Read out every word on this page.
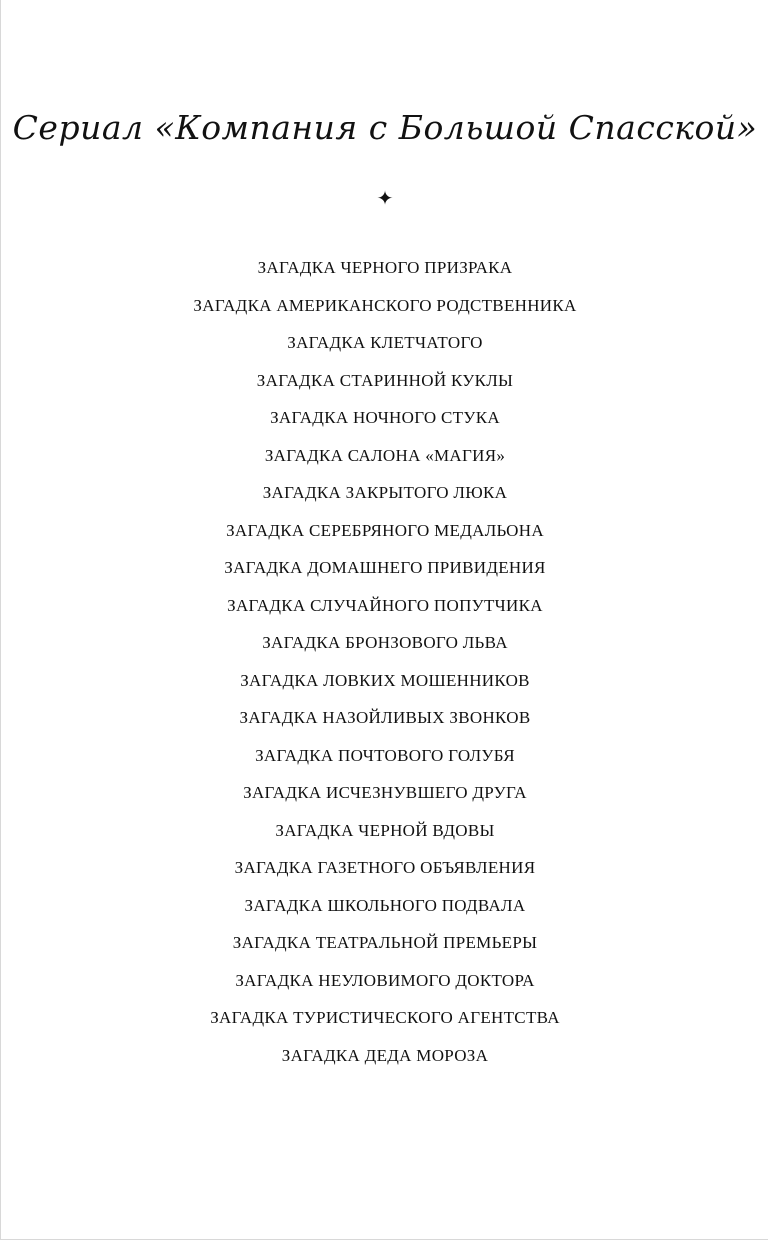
Сериал «Компания с Большой Спасской»
✦
ЗАГАДКА ЧЕРНОГО ПРИЗРАКА
ЗАГАДКА АМЕРИКАНСКОГО РОДСТВЕННИКА
ЗАГАДКА КЛЕТЧАТОГО
ЗАГАДКА СТАРИННОЙ КУКЛЫ
ЗАГАДКА НОЧНОГО СТУКА
ЗАГАДКА САЛОНА «МАГИЯ»
ЗАГАДКА ЗАКРЫТОГО ЛЮКА
ЗАГАДКА СЕРЕБРЯНОГО МЕДАЛЬОНА
ЗАГАДКА ДОМАШНЕГО ПРИВИДЕНИЯ
ЗАГАДКА СЛУЧАЙНОГО ПОПУТЧИКА
ЗАГАДКА БРОНЗОВОГО ЛЬВА
ЗАГАДКА ЛОВКИХ МОШЕННИКОВ
ЗАГАДКА НАЗОЙЛИВЫХ ЗВОНКОВ
ЗАГАДКА ПОЧТОВОГО ГОЛУБЯ
ЗАГАДКА ИСЧЕЗНУВШЕГО ДРУГА
ЗАГАДКА ЧЕРНОЙ ВДОВЫ
ЗАГАДКА ГАЗЕТНОГО ОБЪЯВЛЕНИЯ
ЗАГАДКА ШКОЛЬНОГО ПОДВАЛА
ЗАГАДКА ТЕАТРАЛЬНОЙ ПРЕМЬЕРЫ
ЗАГАДКА НЕУЛОВИМОГО ДОКТОРА
ЗАГАДКА ТУРИСТИЧЕСКОГО АГЕНТСТВА
ЗАГАДКА ДЕДА МОРОЗА
